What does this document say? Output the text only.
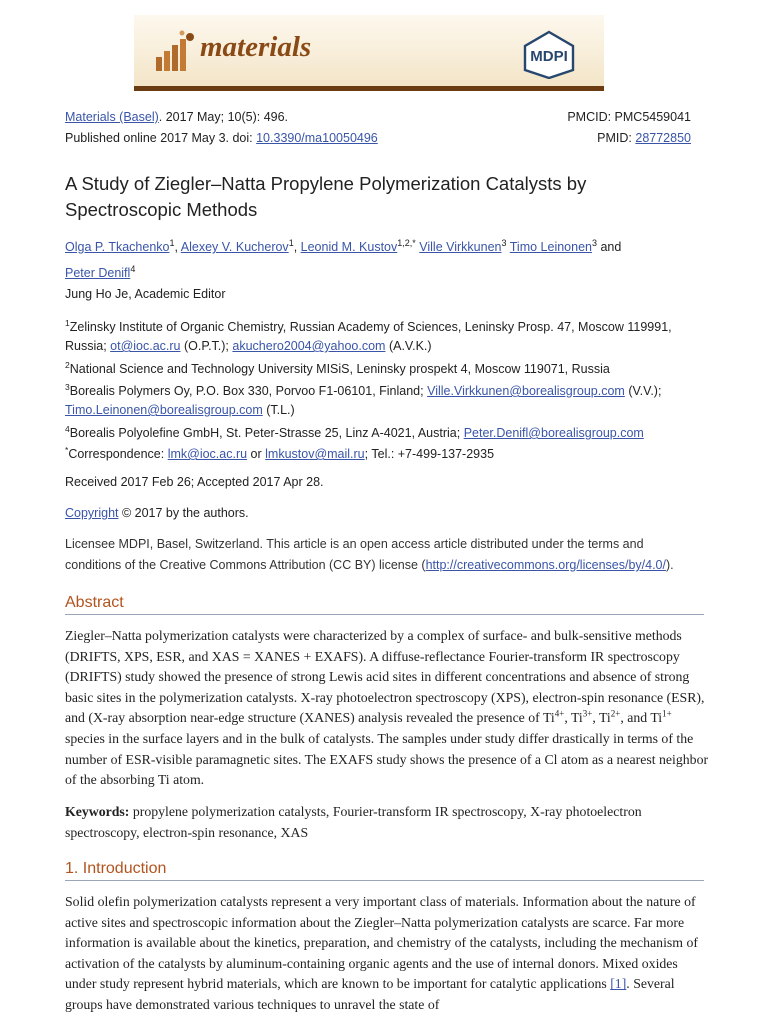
materials	MDPI
Materials (Basel). 2017 May; 10(5): 496.
Published online 2017 May 3. doi: 10.3390/ma10050496
PMCID: PMC5459041
PMID: 28772850
A Study of Ziegler–Natta Propylene Polymerization Catalysts by Spectroscopic Methods
Olga P. Tkachenko$^1$, Alexey V. Kucherov$^1$, Leonid M. Kustov$^{1,2,*}$ Ville Virkkunen$^3$ Timo Leinonen$^3$ and
Peter Denifl$^4$
Jung Ho Je, Academic Editor
$^1$Zelinsky Institute of Organic Chemistry, Russian Academy of Sciences, Leninsky Prosp. 47, Moscow 119991,
Russia; ot@ioc.ac.ru (O.P.T.); akuchero2004@yahoo.com (A.V.K.)
$^2$National Science and Technology University MISiS, Leninsky prospekt 4, Moscow 119071, Russia
$^3$Borealis Polymers Oy, P.O. Box 330, Porvoo F1-06101, Finland; Ville.Virkkunen@borealisgroup.com (V.V.);
Timo.Leinonen@borealisgroup.com (T.L.)
$^4$Borealis Polyolefine GmbH, St. Peter-Strasse 25, Linz A-4021, Austria; Peter.Denifl@borealisgroup.com
*Correspondence: lmk@ioc.ac.ru or lmkustov@mail.ru; Tel.: +7-499-137-2935
Received 2017 Feb 26; Accepted 2017 Apr 28.
Copyright © 2017 by the authors.
Licensee MDPI, Basel, Switzerland. This article is an open access article distributed under the terms and
conditions of the Creative Commons Attribution (CC BY) license (http://creativecommons.org/licenses/by/4.0/).
Abstract

Ziegler–Natta polymerization catalysts were characterized by a complex of surface- and bulk-sensitive methods (DRIFTS, XPS, ESR, and XAS = XANES + EXAFS). A diffuse-reflectance Fourier-transform IR spectroscopy (DRIFTS) study showed the presence of strong Lewis acid sites in different concentrations and absence of strong basic sites in the polymerization catalysts. X-ray photoelectron spectroscopy (XPS), electron-spin resonance (ESR), and (X-ray absorption near-edge structure (XANES) analysis revealed the presence of $Ti^{4+}$, $Ti^{3+}$, $Ti^{2+}$, and $Ti^{1+}$ species in the surface layers and in the bulk of catalysts. The samples under study differ drastically in terms of the number of ESR-visible paramagnetic sites. The EXAFS study shows the presence of a Cl atom as a nearest neighbor of the absorbing Ti atom.

Keywords: propylene polymerization catalysts, Fourier-transform IR spectroscopy, X-ray photoelectron spectroscopy, electron-spin resonance, XAS

1. Introduction

Solid olefin polymerization catalysts represent a very important class of materials. Information about the nature of active sites and spectroscopic information about the Ziegler–Natta polymerization catalysts are scarce. Far more information is available about the kinetics, preparation, and chemistry of the catalysts, including the mechanism of activation of the catalysts by aluminum-containing organic agents and the use of internal donors. Mixed oxides under study represent hybrid materials, which are known to be important for catalytic applications [1]. Several groups have demonstrated various techniques to unravel the state of
